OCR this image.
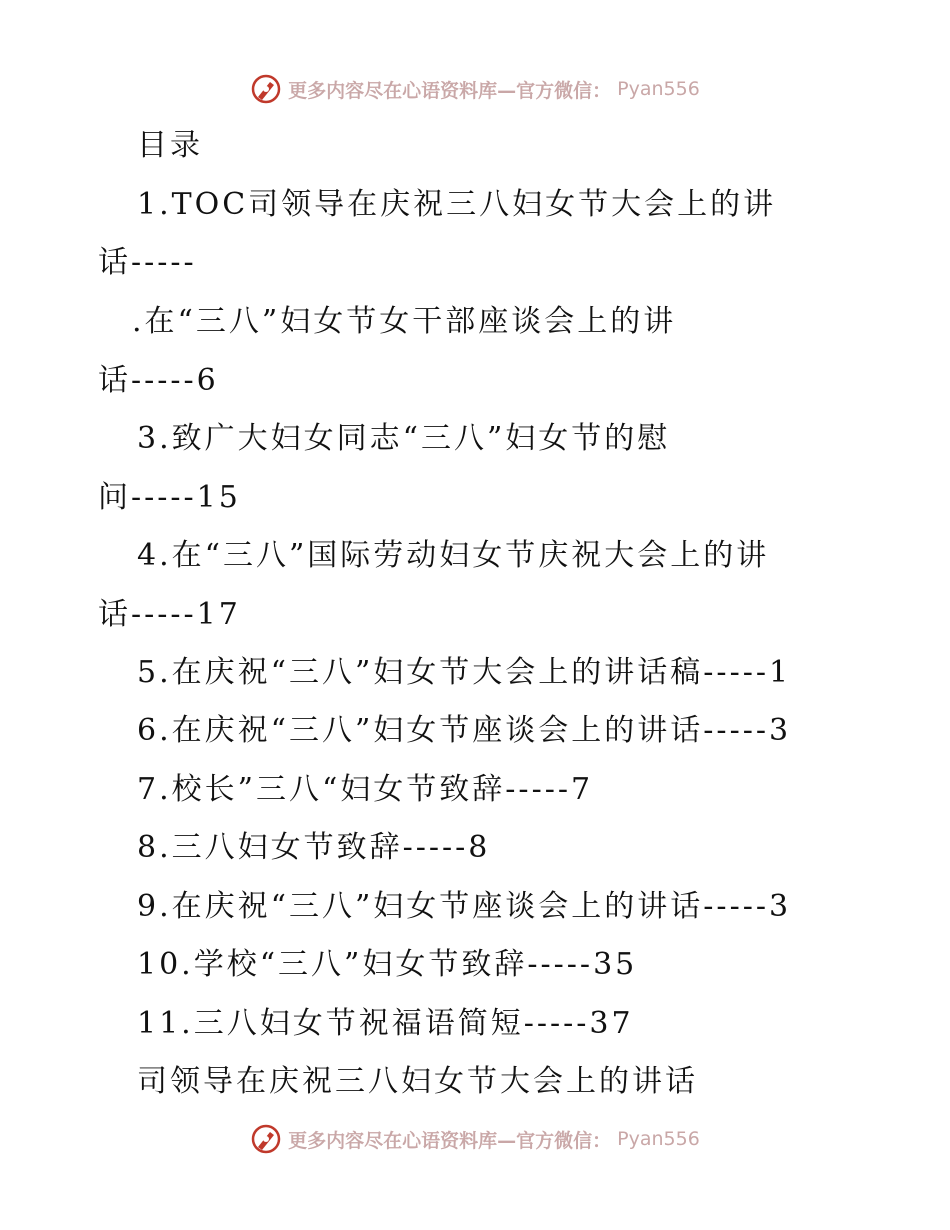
更多内容尽在心语资料库—官方微信： Pyan556
目录
1.TOC司领导在庆祝三八妇女节大会上的讲
话-----
.在“三八”妇女节女干部座谈会上的讲
话-----6
3.致广大妇女同志“三八”妇女节的慰
问-----15
4.在“三八”国际劳动妇女节庆祝大会上的讲
话-----17
5.在庆祝“三八”妇女节大会上的讲话稿-----1
6.在庆祝“三八”妇女节座谈会上的讲话-----3
7.校长”三八“妇女节致辞-----7
8.三八妇女节致辞-----8
9.在庆祝“三八”妇女节座谈会上的讲话-----3
10.学校“三八”妇女节致辞-----35
11.三八妇女节祝福语简短-----37
司领导在庆祝三八妇女节大会上的讲话
更多内容尽在心语资料库—官方微信： Pyan556
